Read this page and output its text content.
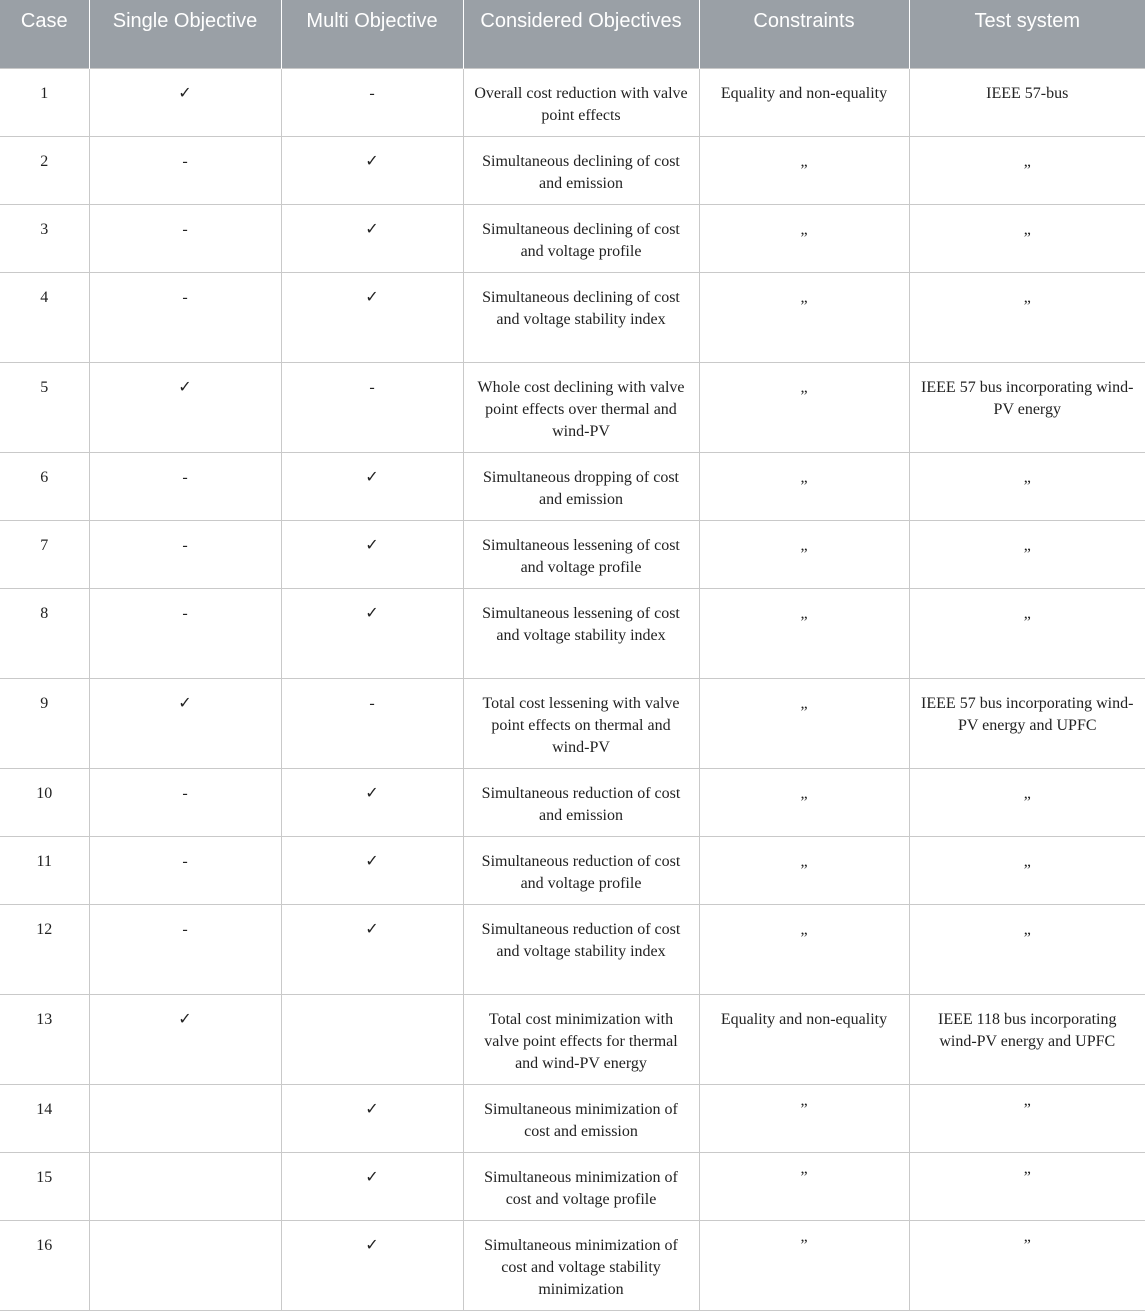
Case	Single Objective	Multi Objective	Considered Objectives	Constraints	Test system
1	✓	-	Overall cost reduction with valve point effects	Equality and non-equality	IEEE 57-bus
2	-	✓	Simultaneous declining of cost and emission	„	„
3	-	✓	Simultaneous declining of cost and voltage profile	„	„
4	-	✓	Simultaneous declining of cost and voltage stability index	„	„
5	✓	-	Whole cost declining with valve point effects over thermal and wind-PV	„	IEEE 57 bus incorporating wind-PV energy
6	-	✓	Simultaneous dropping of cost and emission	„	„
7	-	✓	Simultaneous lessening of cost and voltage profile	„	„
8	-	✓	Simultaneous lessening of cost and voltage stability index	„	„
9	✓	-	Total cost lessening with valve point effects on thermal and wind-PV	„	IEEE 57 bus incorporating wind-PV energy and UPFC
10	-	✓	Simultaneous reduction of cost and emission	„	„
11	-	✓	Simultaneous reduction of cost and voltage profile	„	„
12	-	✓	Simultaneous reduction of cost and voltage stability index	„	„
13	✓		Total cost minimization with valve point effects for thermal and wind-PV energy	Equality and non-equality	IEEE 118 bus incorporating wind-PV energy and UPFC
14		✓	Simultaneous minimization of cost and emission	”	”
15		✓	Simultaneous minimization of cost and voltage profile	”	”
16		✓	Simultaneous minimization of cost and voltage stability minimization	”	”
